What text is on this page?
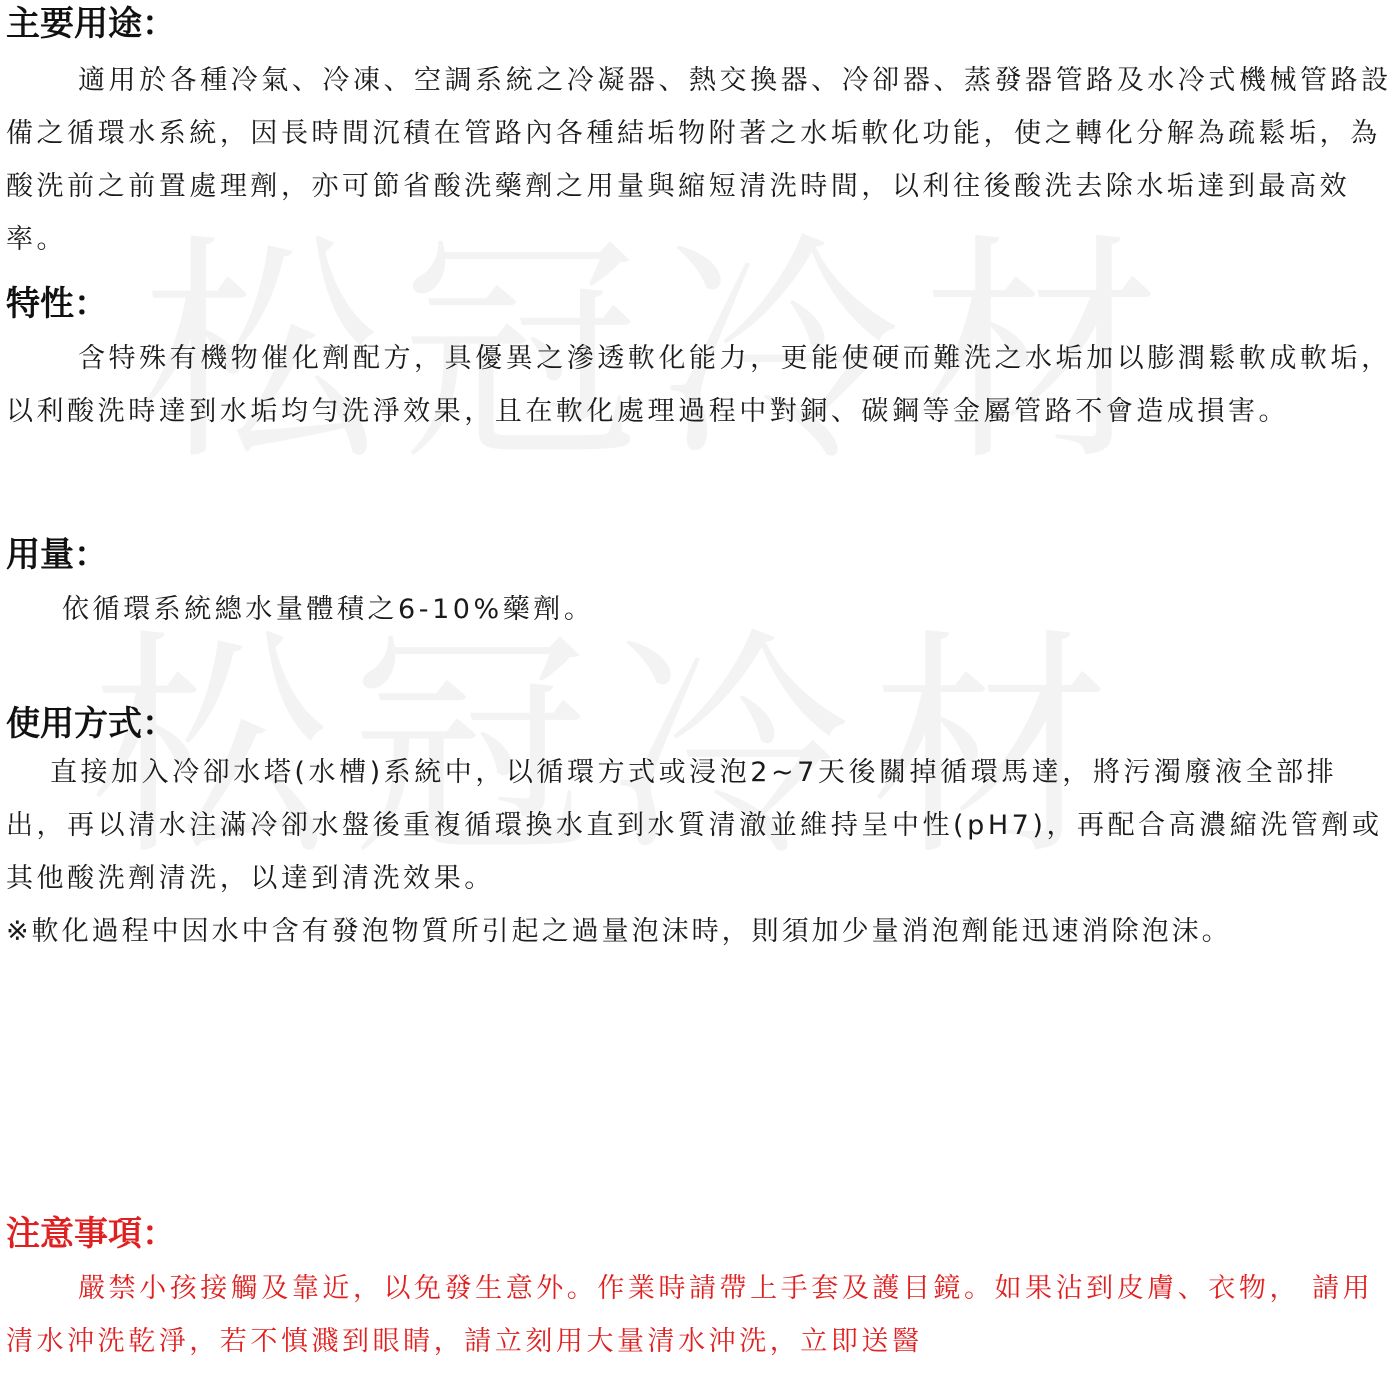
主要用途：

適用於各種冷氣、冷凍、空調系統之冷凝器、熱交換器、冷卻器、蒸發器管路及水冷式機械管路設備之循環水系統，因長時間沉積在管路內各種結垢物附著之水垢軟化功能，使之轉化分解為疏鬆垢，為酸洗前之前置處理劑，亦可節省酸洗藥劑之用量與縮短清洗時間，以利往後酸洗去除水垢達到最高效率。

特性：

含特殊有機物催化劑配方，具優異之滲透軟化能力，更能使硬而難洗之水垢加以膨潤鬆軟成軟垢，以利酸洗時達到水垢均勻洗淨效果，且在軟化處理過程中對銅、碳鋼等金屬管路不會造成損害。

用量：

依循環系統總水量體積之6-10%藥劑。

使用方式：

直接加入冷卻水塔(水槽)系統中，以循環方式或浸泡2~7天後關掉循環馬達，將污濁廢液全部排出，再以清水注滿冷卻水盤後重複循環換水直到水質清澈並維持呈中性(pH7)，再配合高濃縮洗管劑或其他酸洗劑清洗，以達到清洗效果。

※軟化過程中因水中含有發泡物質所引起之過量泡沫時，則須加少量消泡劑能迅速消除泡沫。

注意事項：

嚴禁小孩接觸及靠近，以免發生意外。作業時請帶上手套及護目鏡。如果沾到皮膚、衣物， 請用清水沖洗乾淨，若不慎濺到眼睛，請立刻用大量清水沖洗，立即送醫
